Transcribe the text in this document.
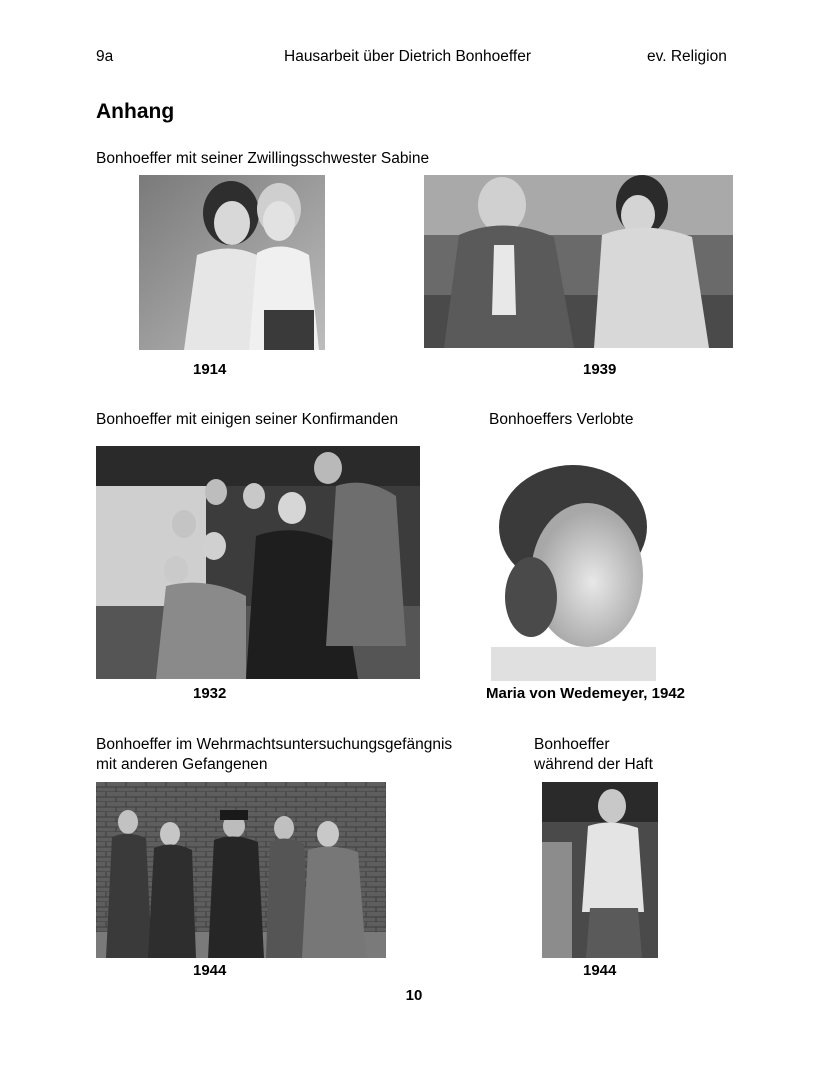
9a	Hausarbeit über Dietrich Bonhoeffer	ev. Religion
Anhang
Bonhoeffer mit seiner Zwillingsschwester Sabine
1914	1939
Bonhoeffer mit einigen seiner Konfirmanden	Bonhoeffers Verlobte
1932	Maria von Wedemeyer, 1942
Bonhoeffer im Wehrmachtsuntersuchungsgefängnis
mit anderen Gefangenen
Bonhoeffer
während der Haft
1944	1944
10
